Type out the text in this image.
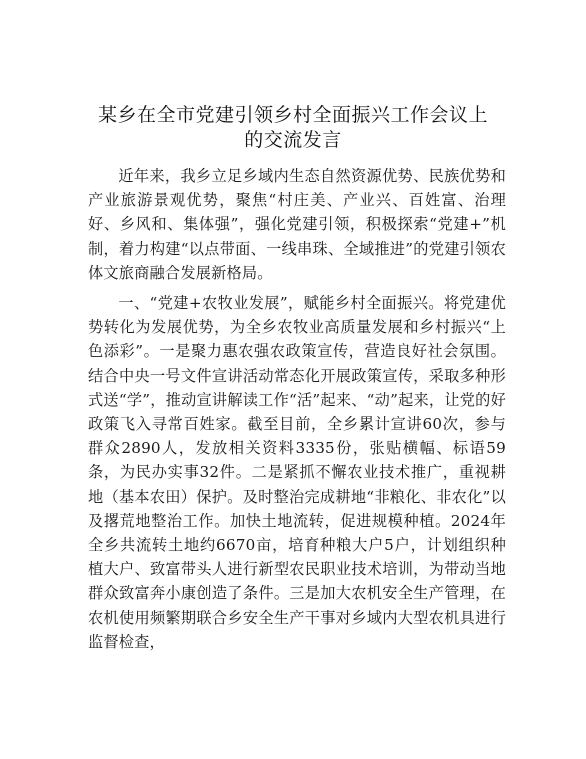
某乡在全市党建引领乡村全面振兴工作会议上
的交流发言

近年来，我乡立足乡域内生态自然资源优势、民族优势和产业旅游景观优势，聚焦“村庄美、产业兴、百姓富、治理好、乡风和、集体强”，强化党建引领，积极探索“党建+”机制，着力构建“以点带面、一线串珠、全域推进”的党建引领农体文旅商融合发展新格局。

一、“党建+农牧业发展”，赋能乡村全面振兴。将党建优势转化为发展优势，为全乡农牧业高质量发展和乡村振兴“上色添彩”。一是聚力惠农强农政策宣传，营造良好社会氛围。结合中央一号文件宣讲活动常态化开展政策宣传，采取多种形式送“学”，推动宣讲解读工作“活”起来、“动”起来，让党的好政策飞入寻常百姓家。截至目前，全乡累计宣讲60次，参与群众2890人，发放相关资料3335份，张贴横幅、标语59条，为民办实事32件。二是紧抓不懈农业技术推广，重视耕地（基本农田）保护。及时整治完成耕地“非粮化、非农化”以及撂荒地整治工作。加快土地流转，促进规模种植。2024年全乡共流转土地约6670亩，培育种粮大户5户，计划组织种植大户、致富带头人进行新型农民职业技术培训，为带动当地群众致富奔小康创造了条件。三是加大农机安全生产管理，在农机使用频繁期联合乡安全生产干事对乡域内大型农机具进行监督检查，
